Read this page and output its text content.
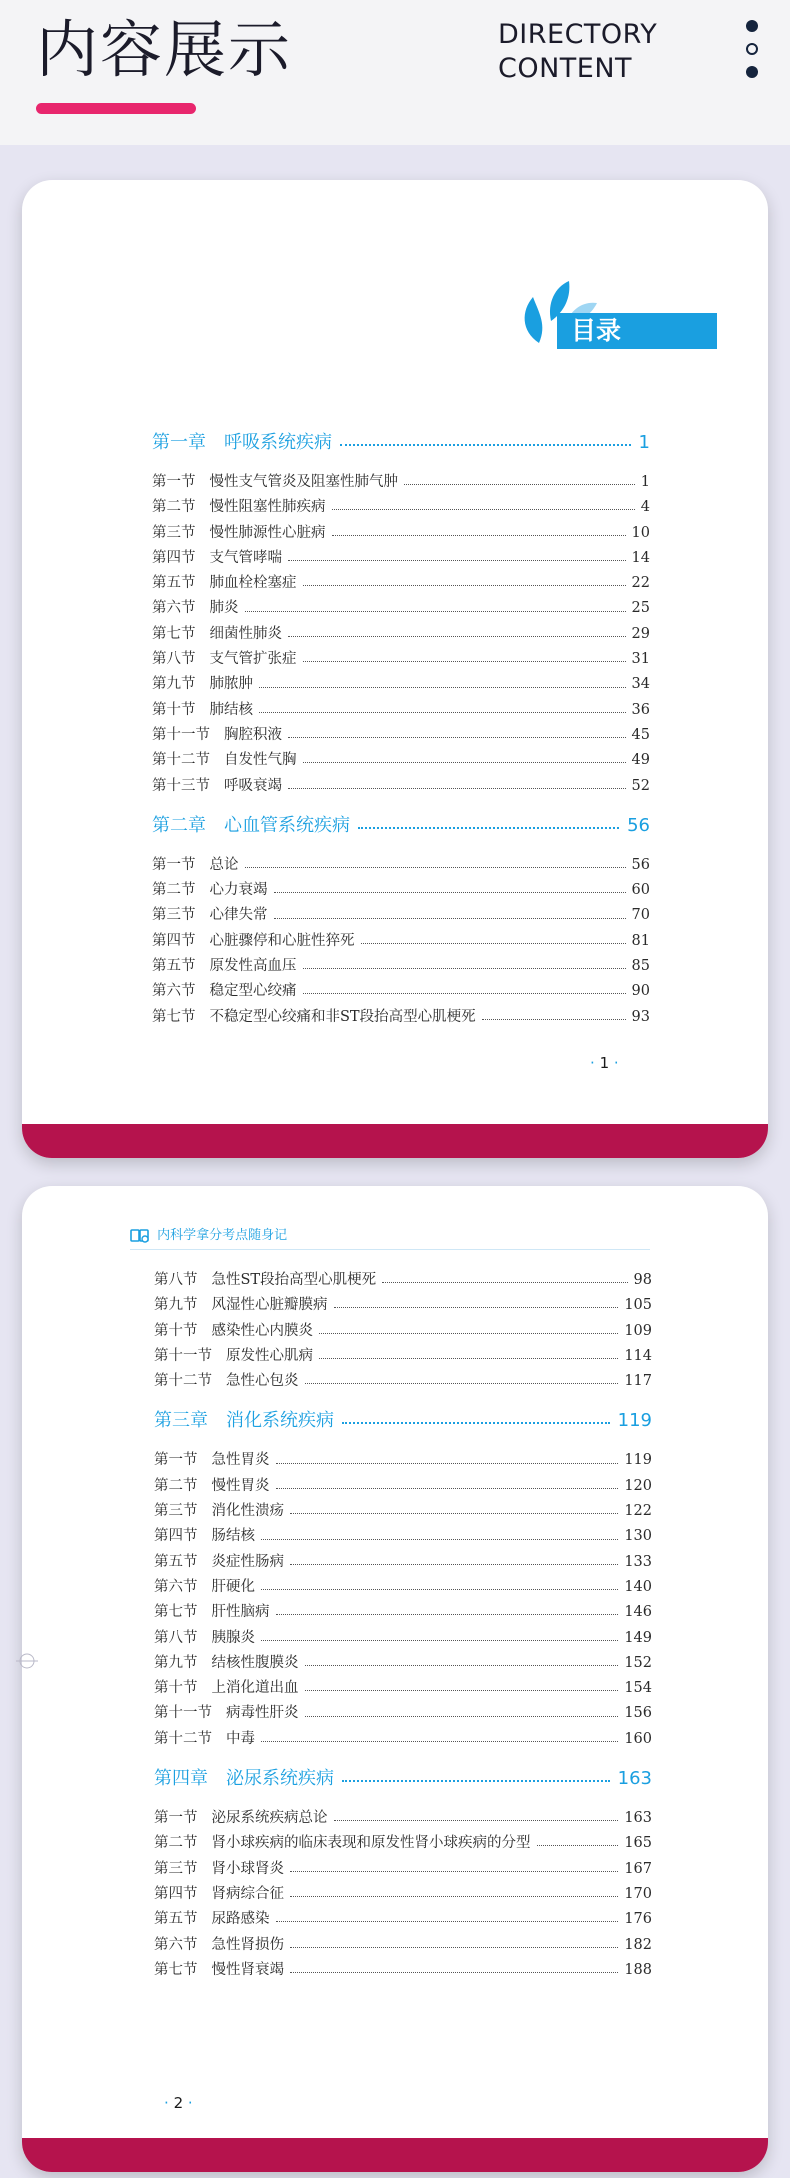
内容展示	DIRECTORY
CONTENT
目录
第一章　呼吸系统疾病	1
第一节 慢性支气管炎及阻塞性肺气肿	1
第二节 慢性阻塞性肺疾病	4
第三节 慢性肺源性心脏病	10
第四节 支气管哮喘	14
第五节 肺血栓栓塞症	22
第六节 肺炎	25
第七节 细菌性肺炎	29
第八节 支气管扩张症	31
第九节 肺脓肿	34
第十节 肺结核	36
第十一节 胸腔积液	45
第十二节 自发性气胸	49
第十三节 呼吸衰竭	52
第二章　心血管系统疾病	56
第一节 总论	56
第二节 心力衰竭	60
第三节 心律失常	70
第四节 心脏骤停和心脏性猝死	81
第五节 原发性高血压	85
第六节 稳定型心绞痛	90
第七节 不稳定型心绞痛和非ST段抬高型心肌梗死	93
· 1 ·
内科学拿分考点随身记
第八节 急性ST段抬高型心肌梗死	98
第九节 风湿性心脏瓣膜病	105
第十节 感染性心内膜炎	109
第十一节 原发性心肌病	114
第十二节 急性心包炎	117
第三章　消化系统疾病	119
第一节 急性胃炎	119
第二节 慢性胃炎	120
第三节 消化性溃疡	122
第四节 肠结核	130
第五节 炎症性肠病	133
第六节 肝硬化	140
第七节 肝性脑病	146
第八节 胰腺炎	149
第九节 结核性腹膜炎	152
第十节 上消化道出血	154
第十一节 病毒性肝炎	156
第十二节 中毒	160
第四章　泌尿系统疾病	163
第一节 泌尿系统疾病总论	163
第二节 肾小球疾病的临床表现和原发性肾小球疾病的分型	165
第三节 肾小球肾炎	167
第四节 肾病综合征	170
第五节 尿路感染	176
第六节 急性肾损伤	182
第七节 慢性肾衰竭	188
· 2 ·
